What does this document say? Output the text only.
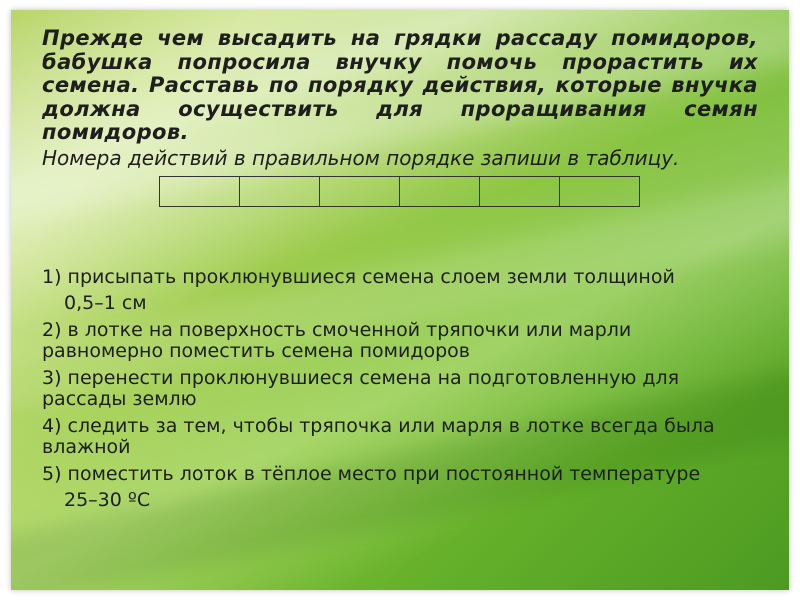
Прежде чем высадить на грядки рассаду помидоров, бабушка попросила внучку помочь прорастить их семена. Расставь по порядку действия, которые внучка должна осуществить для проращивания семян помидоров.

Номера действий в правильном порядке запиши в таблицу.

1) присыпать проклюнувшиеся семена слоем земли толщиной
0,5–1 см
2) в лотке на поверхность смоченной тряпочки или марли равномерно поместить семена помидоров
3) перенести проклюнувшиеся семена на подготовленную для рассады землю
4) следить за тем, чтобы тряпочка или марля в лотке всегда была влажной
5) поместить лоток в тёплое место при постоянной температуре
25–30 ºС
